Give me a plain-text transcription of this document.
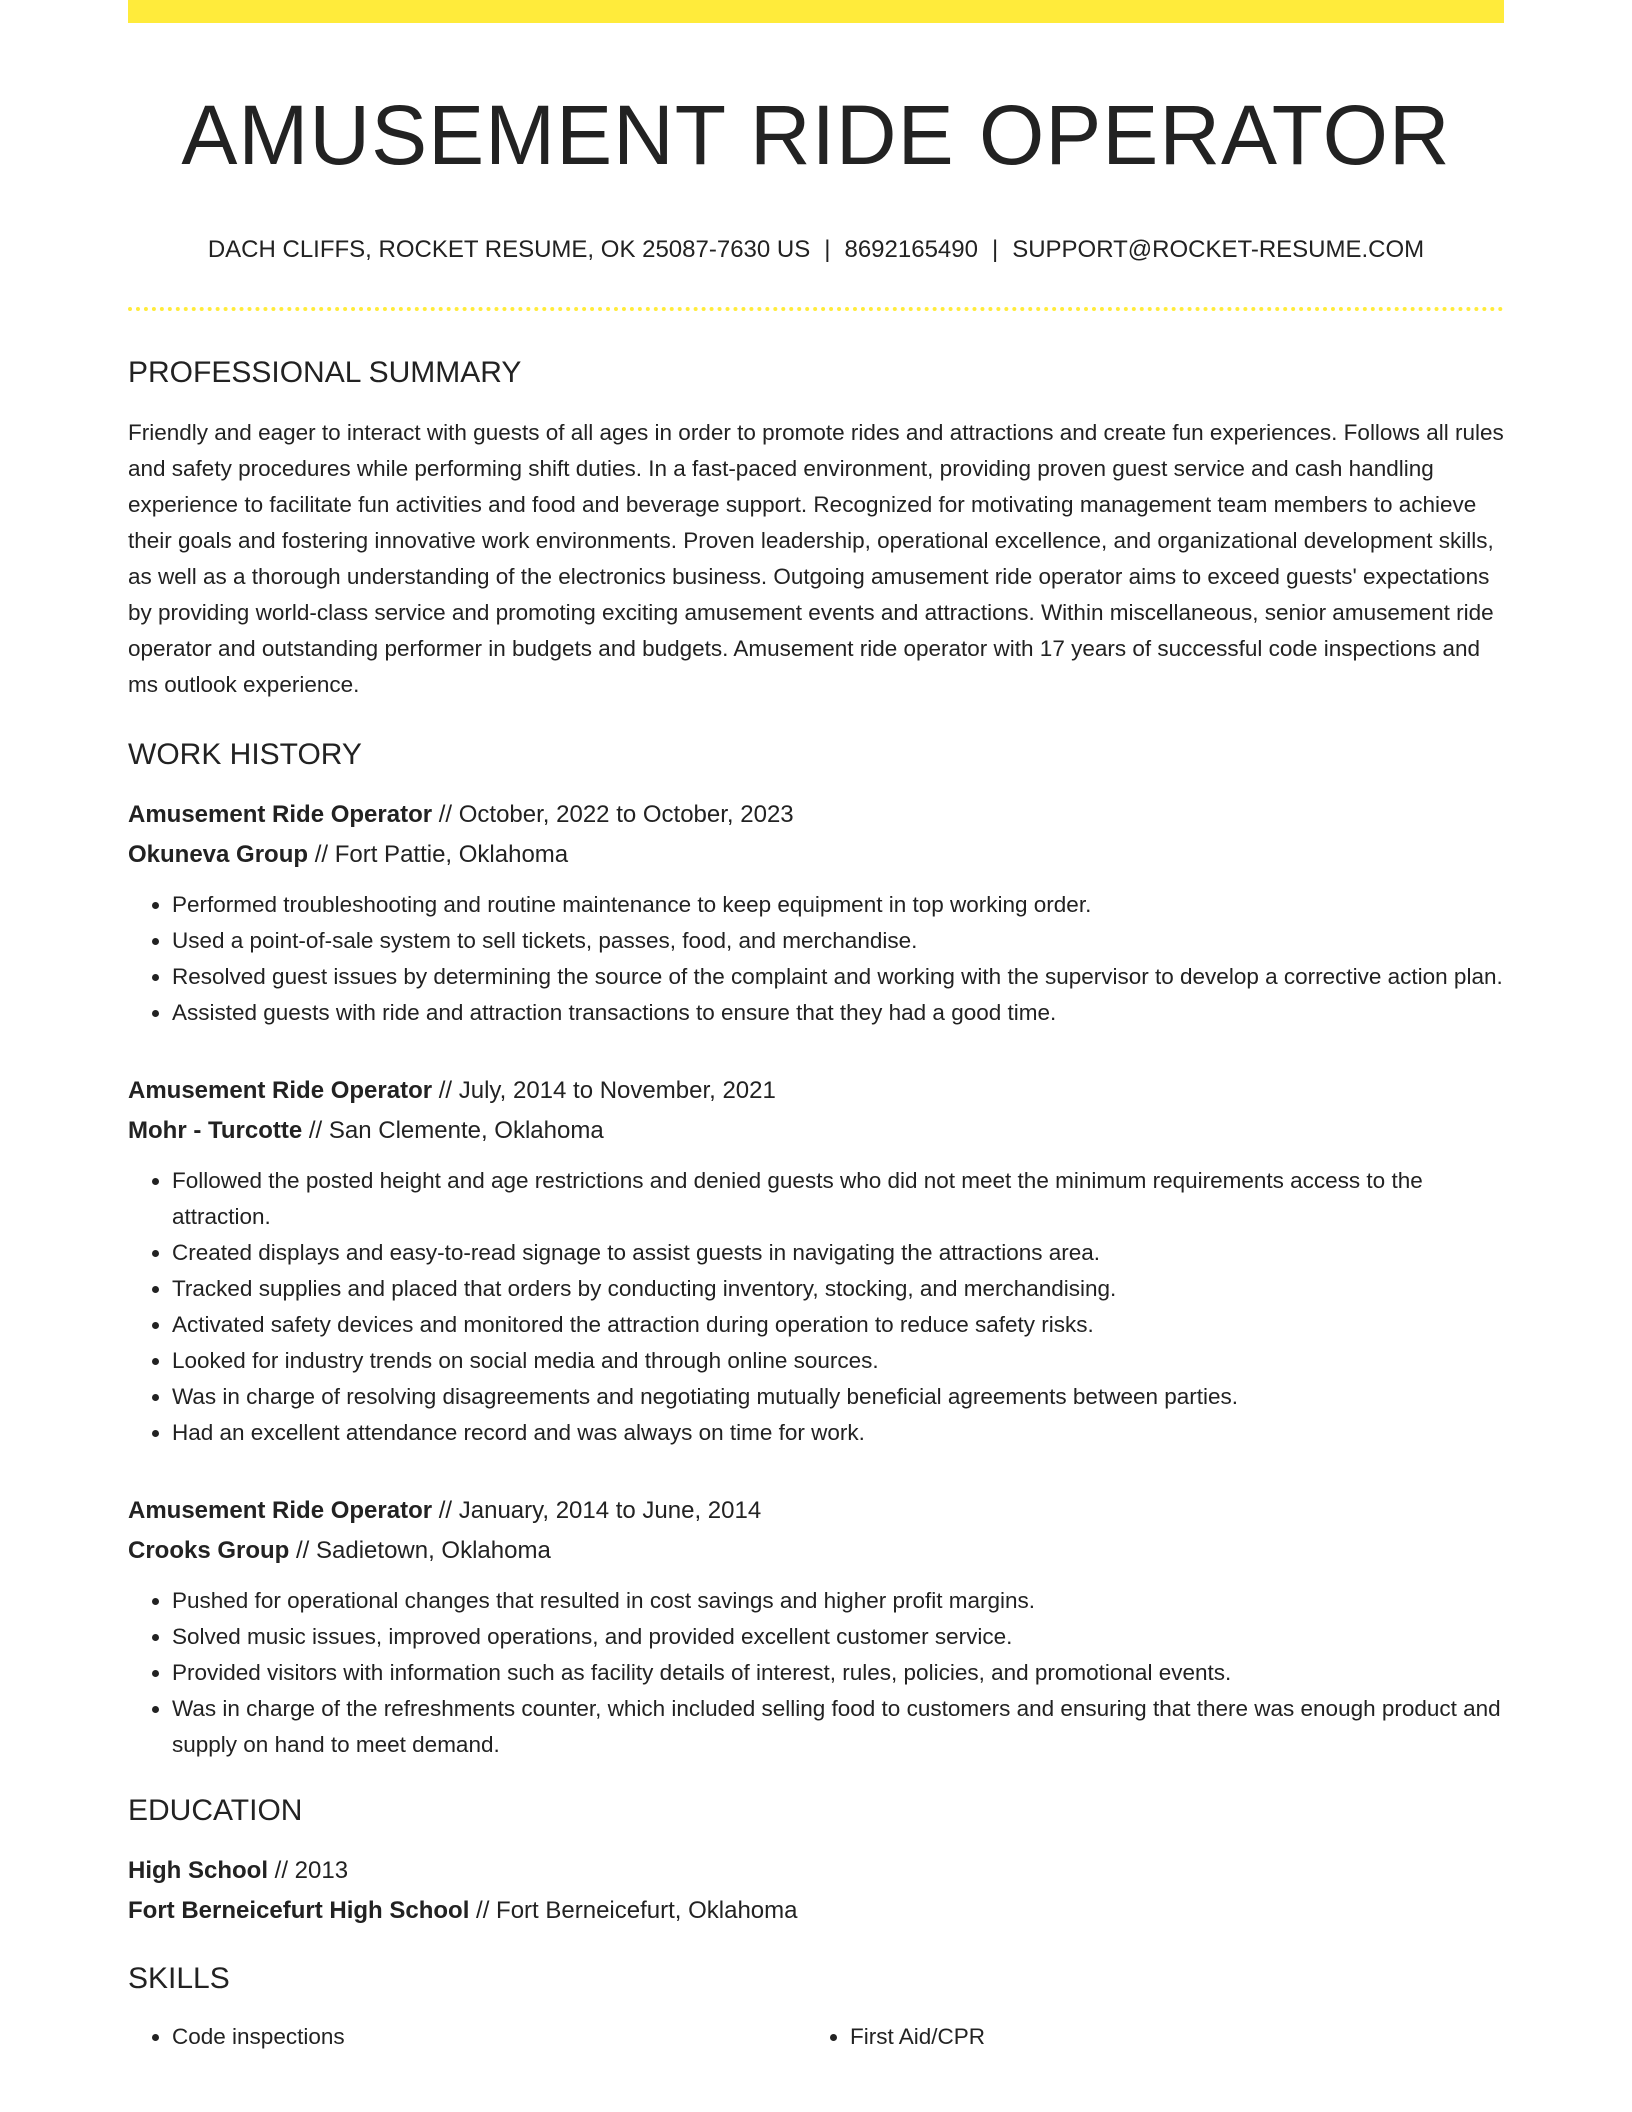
AMUSEMENT RIDE OPERATOR
DACH CLIFFS, ROCKET RESUME, OK 25087-7630 US | 8692165490 | SUPPORT@ROCKET-RESUME.COM
PROFESSIONAL SUMMARY
Friendly and eager to interact with guests of all ages in order to promote rides and attractions and create fun experiences. Follows all rules and safety procedures while performing shift duties. In a fast-paced environment, providing proven guest service and cash handling experience to facilitate fun activities and food and beverage support. Recognized for motivating management team members to achieve their goals and fostering innovative work environments. Proven leadership, operational excellence, and organizational development skills, as well as a thorough understanding of the electronics business. Outgoing amusement ride operator aims to exceed guests' expectations by providing world-class service and promoting exciting amusement events and attractions. Within miscellaneous, senior amusement ride operator and outstanding performer in budgets and budgets. Amusement ride operator with 17 years of successful code inspections and ms outlook experience.
WORK HISTORY
Amusement Ride Operator // October, 2022 to October, 2023
Okuneva Group // Fort Pattie, Oklahoma
• Performed troubleshooting and routine maintenance to keep equipment in top working order.
• Used a point-of-sale system to sell tickets, passes, food, and merchandise.
• Resolved guest issues by determining the source of the complaint and working with the supervisor to develop a corrective action plan.
• Assisted guests with ride and attraction transactions to ensure that they had a good time.
Amusement Ride Operator // July, 2014 to November, 2021
Mohr - Turcotte // San Clemente, Oklahoma
• Followed the posted height and age restrictions and denied guests who did not meet the minimum requirements access to the attraction.
• Created displays and easy-to-read signage to assist guests in navigating the attractions area.
• Tracked supplies and placed that orders by conducting inventory, stocking, and merchandising.
• Activated safety devices and monitored the attraction during operation to reduce safety risks.
• Looked for industry trends on social media and through online sources.
• Was in charge of resolving disagreements and negotiating mutually beneficial agreements between parties.
• Had an excellent attendance record and was always on time for work.
Amusement Ride Operator // January, 2014 to June, 2014
Crooks Group // Sadietown, Oklahoma
• Pushed for operational changes that resulted in cost savings and higher profit margins.
• Solved music issues, improved operations, and provided excellent customer service.
• Provided visitors with information such as facility details of interest, rules, policies, and promotional events.
• Was in charge of the refreshments counter, which included selling food to customers and ensuring that there was enough product and supply on hand to meet demand.
EDUCATION
High School // 2013
Fort Berneicefurt High School // Fort Berneicefurt, Oklahoma
SKILLS
• Code inspections
•	First Aid/CPR
